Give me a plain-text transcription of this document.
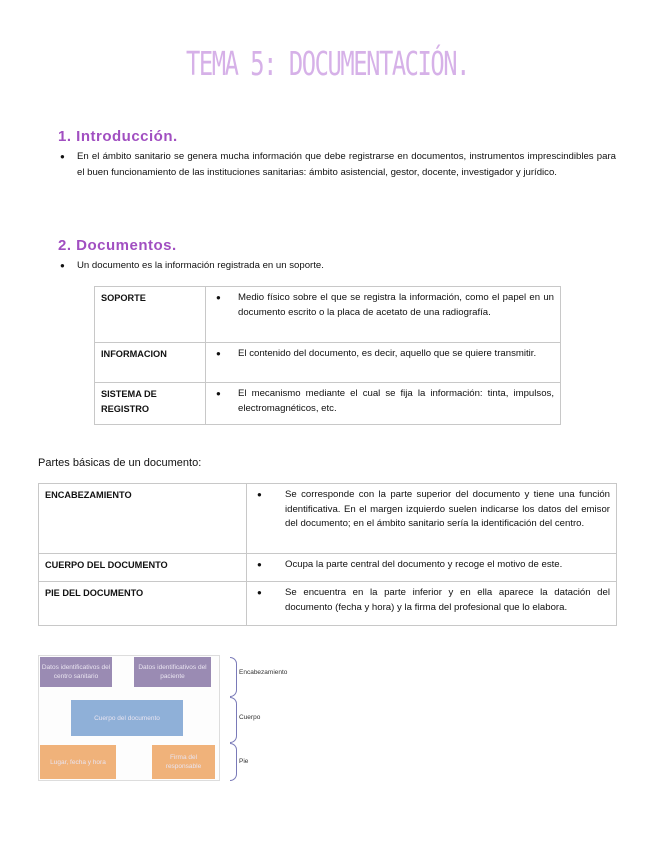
TEMA 5: DOCUMENTACIÓN.
1. Introducción.
● En el ámbito sanitario se genera mucha información que debe registrarse en documentos, instrumentos imprescindibles para el buen funcionamiento de las instituciones sanitarias: ámbito asistencial, gestor, docente, investigador y jurídico.
2. Documentos.
● Un documento es la información registrada en un soporte.
SOPORTE	● Medio físico sobre el que se registra la información, como el papel en un documento escrito o la placa de acetato de una radiografía.

INFORMACION	● El contenido del documento, es decir, aquello que se quiere transmitir.

SISTEMA DE REGISTRO	● El mecanismo mediante el cual se fija la información: tinta, impulsos, electromagnéticos, etc.
Partes básicas de un documento:
ENCABEZAMIENTO	● Se corresponde con la parte superior del documento y tiene una función identificativa. En el margen izquierdo suelen indicarse los datos del emisor del documento; en el ámbito sanitario sería la identificación del centro.

CUERPO DEL DOCUMENTO	● Ocupa la parte central del documento y recoge el motivo de este.

PIE DEL DOCUMENTO	● Se encuentra en la parte inferior y en ella aparece la datación del documento (fecha y hora) y la firma del profesional que lo elabora.
Datos identificativos del centro sanitario
Datos identificativos del paciente
Cuerpo del documento
Lugar, fecha y hora
Firma del responsable
Encabezamiento
Cuerpo
Pie
